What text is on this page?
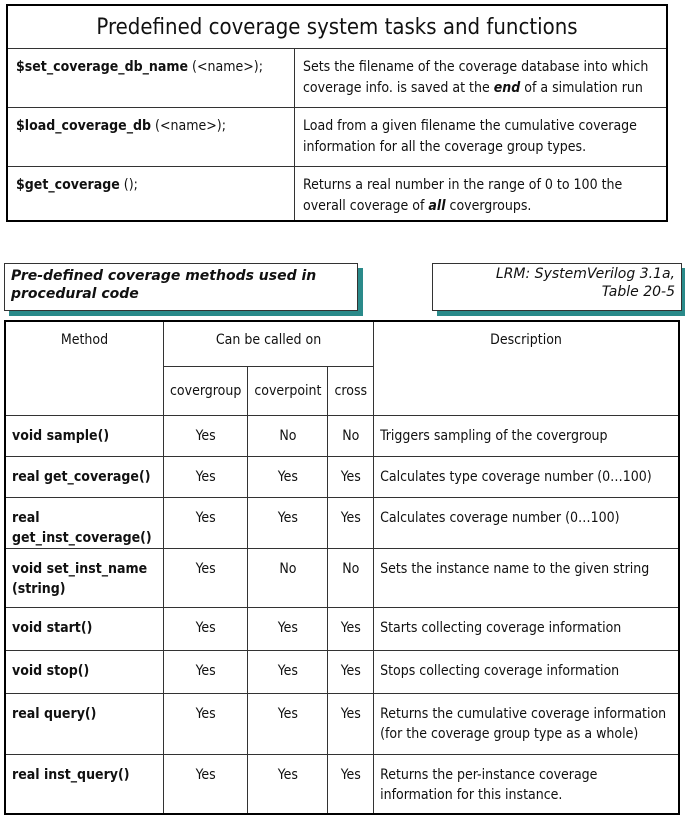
Predefined coverage system tasks and functions	
$set_coverage_db_name (<name>);	Sets the filename of the coverage database into which coverage info. is saved at the end of a simulation run
$load_coverage_db (<name>);	Load from a given filename the cumulative coverage information for all the coverage group types.
$get_coverage ();	Returns a real number in the range of 0 to 100 the overall coverage of all covergroups.
Pre-defined coverage methods used in procedural code
LRM: SystemVerilog 3.1a,
Table 20-5
Method	Can be called on			Description
	covergroup	coverpoint	cross	
void sample()	Yes	No	No	Triggers sampling of the covergroup
real get_coverage()	Yes	Yes	Yes	Calculates type coverage number (0…100)
real get_inst_coverage()	Yes	Yes	Yes	Calculates coverage number (0…100)
void set_inst_name (string)	Yes	No	No	Sets the instance name to the given string
void start()	Yes	Yes	Yes	Starts collecting coverage information
void stop()	Yes	Yes	Yes	Stops collecting coverage information
real query()	Yes	Yes	Yes	Returns the cumulative coverage information (for the coverage group type as a whole)
real inst_query()	Yes	Yes	Yes	Returns the per-instance coverage information for this instance.
